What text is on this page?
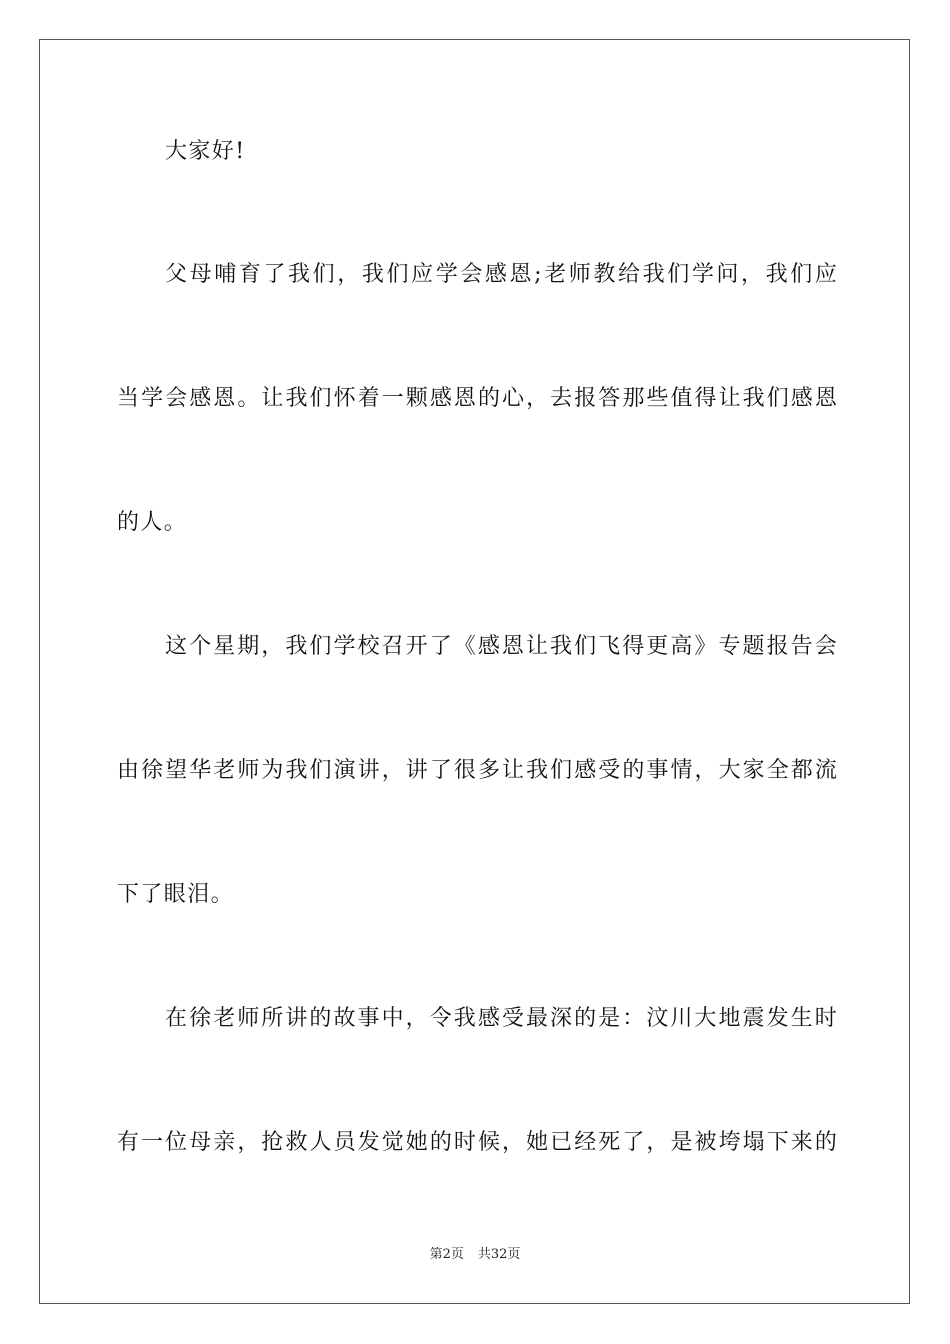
大家好!
父 母 哺 育 了 我 们 ， 我 们 应 学 会 感 恩 ; 老 师 教 给 我 们 学 问 ， 我 们 应
当 学 会 感 恩 。 让 我 们 怀 着 一 颗 感 恩 的 心 ， 去 报 答 那 些 值 得 让 我 们 感 恩
的人。
这 个 星 期 ， 我 们 学 校 召 开 了 《 感 恩 让 我 们 飞 得 更 高 》 专 题 报 告 会
由 徐 望 华 老 师 为 我 们 演 讲 ， 讲 了 很 多 让 我 们 感 受 的 事 情 ， 大 家 全 都 流
下了眼泪。
在 徐 老 师 所 讲 的 故 事 中 ， 令 我 感 受 最 深 的 是 ： 汶 川 大 地 震 发 生 时
有 一 位 母 亲 ， 抢 救 人 员 发 觉 她 的 时 候 ， 她 已 经 死 了 ， 是 被 垮 塌 下 来 的
第2页 共32页
